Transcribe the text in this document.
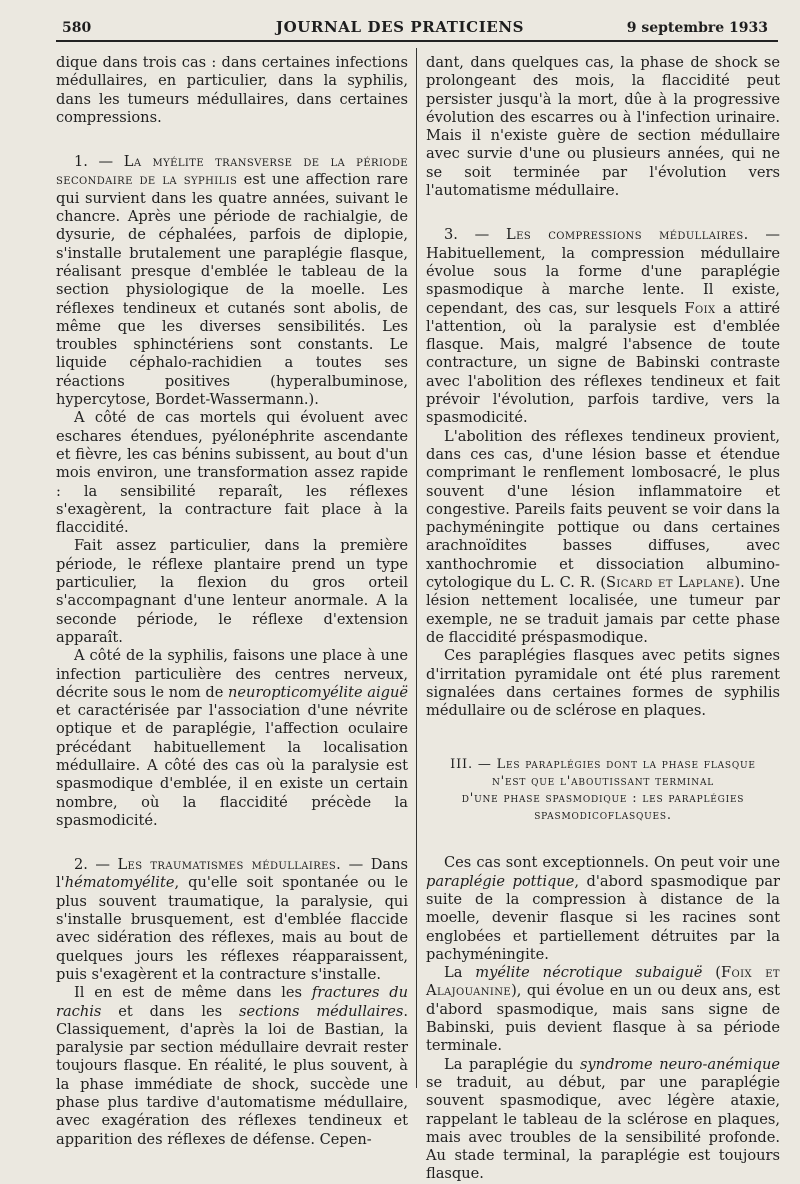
580	JOURNAL DES PRATICIENS	9 septembre 1933

dique dans trois cas : dans certaines infections médullaires, en particulier, dans la syphilis, dans les tumeurs médullaires, dans certaines compressions.

1. — La myélite transverse de la période secondaire de la syphilis est une affection rare qui survient dans les quatre années, suivant le chancre. Après une période de rachialgie, de dysurie, de céphalées, parfois de diplopie, s'installe brutalement une paraplégie flasque, réalisant presque d'emblée le tableau de la section physiologique de la moelle. Les réflexes tendineux et cutanés sont abolis, de même que les diverses sensibilités. Les troubles sphinctériens sont constants. Le liquide céphalo-rachidien a toutes ses réactions positives (hyperalbuminose, hypercytose, Bordet-Wassermann.).

A côté de cas mortels qui évoluent avec eschares étendues, pyélonéphrite ascendante et fièvre, les cas bénins subissent, au bout d'un mois environ, une transformation assez rapide : la sensibilité reparaît, les réflexes s'exagèrent, la contracture fait place à la flaccidité.

Fait assez particulier, dans la première période, le réflexe plantaire prend un type particulier, la flexion du gros orteil s'accompagnant d'une lenteur anormale. A la seconde période, le réflexe d'extension apparaît.

A côté de la syphilis, faisons une place à une infection particulière des centres nerveux, décrite sous le nom de neuropticomyélite aiguë et caractérisée par l'association d'une névrite optique et de paraplégie, l'affection oculaire précédant habituellement la localisation médullaire. A côté des cas où la paralysie est spasmodique d'emblée, il en existe un certain nombre, où la flaccidité précède la spasmodicité.

2. — Les traumatismes médullaires. — Dans l'hématomyélite, qu'elle soit spontanée ou le plus souvent traumatique, la paralysie, qui s'installe brusquement, est d'emblée flaccide avec sidération des réflexes, mais au bout de quelques jours les réflexes réapparaissent, puis s'exagèrent et la contracture s'installe.

Il en est de même dans les fractures du rachis et dans les sections médullaires. Classiquement, d'après la loi de Bastian, la paralysie par section médullaire devrait rester toujours flasque. En réalité, le plus souvent, à la phase immédiate de shock, succède une phase plus tardive d'automatisme médullaire, avec exagération des réflexes tendineux et apparition des réflexes de défense. Cepen-

dant, dans quelques cas, la phase de shock se prolongeant des mois, la flaccidité peut persister jusqu'à la mort, dûe à la progressive évolution des escarres ou à l'infection urinaire. Mais il n'existe guère de section médullaire avec survie d'une ou plusieurs années, qui ne se soit terminée par l'évolution vers l'automatisme médullaire.

3. — Les compressions médullaires. — Habituellement, la compression médullaire évolue sous la forme d'une paraplégie spasmodique à marche lente. Il existe, cependant, des cas, sur lesquels Foix a attiré l'attention, où la paralysie est d'emblée flasque. Mais, malgré l'absence de toute contracture, un signe de Babinski contraste avec l'abolition des réflexes tendineux et fait prévoir l'évolution, parfois tardive, vers la spasmodicité.

L'abolition des réflexes tendineux provient, dans ces cas, d'une lésion basse et étendue comprimant le renflement lombosacré, le plus souvent d'une lésion inflammatoire et congestive. Pareils faits peuvent se voir dans la pachyméningite pottique ou dans certaines arachnoïdites basses diffuses, avec xanthochromie et dissociation albumino-cytologique du L. C. R. (Sicard et Laplane). Une lésion nettement localisée, une tumeur par exemple, ne se traduit jamais par cette phase de flaccidité préspasmodique.

Ces paraplégies flasques avec petits signes d'irritation pyramidale ont été plus rarement signalées dans certaines formes de syphilis médullaire ou de sclérose en plaques.

III. — Les paraplégies dont la phase flasque
n'est que l'aboutissant terminal
d'une phase spasmodique : les paraplégies
spasmodicoflasques.

Ces cas sont exceptionnels. On peut voir une paraplégie pottique, d'abord spasmodique par suite de la compression à distance de la moelle, devenir flasque si les racines sont englobées et partiellement détruites par la pachyméningite.

La myélite nécrotique subaiguë (Foix et Alajouanine), qui évolue en un ou deux ans, est d'abord spasmodique, mais sans signe de Babinski, puis devient flasque à sa période terminale.

La paraplégie du syndrome neuro-anémique se traduit, au début, par une paraplégie souvent spasmodique, avec légère ataxie, rappelant le tableau de la sclérose en plaques, mais avec troubles de la sensibilité profonde. Au stade terminal, la paraplégie est toujours flasque.
